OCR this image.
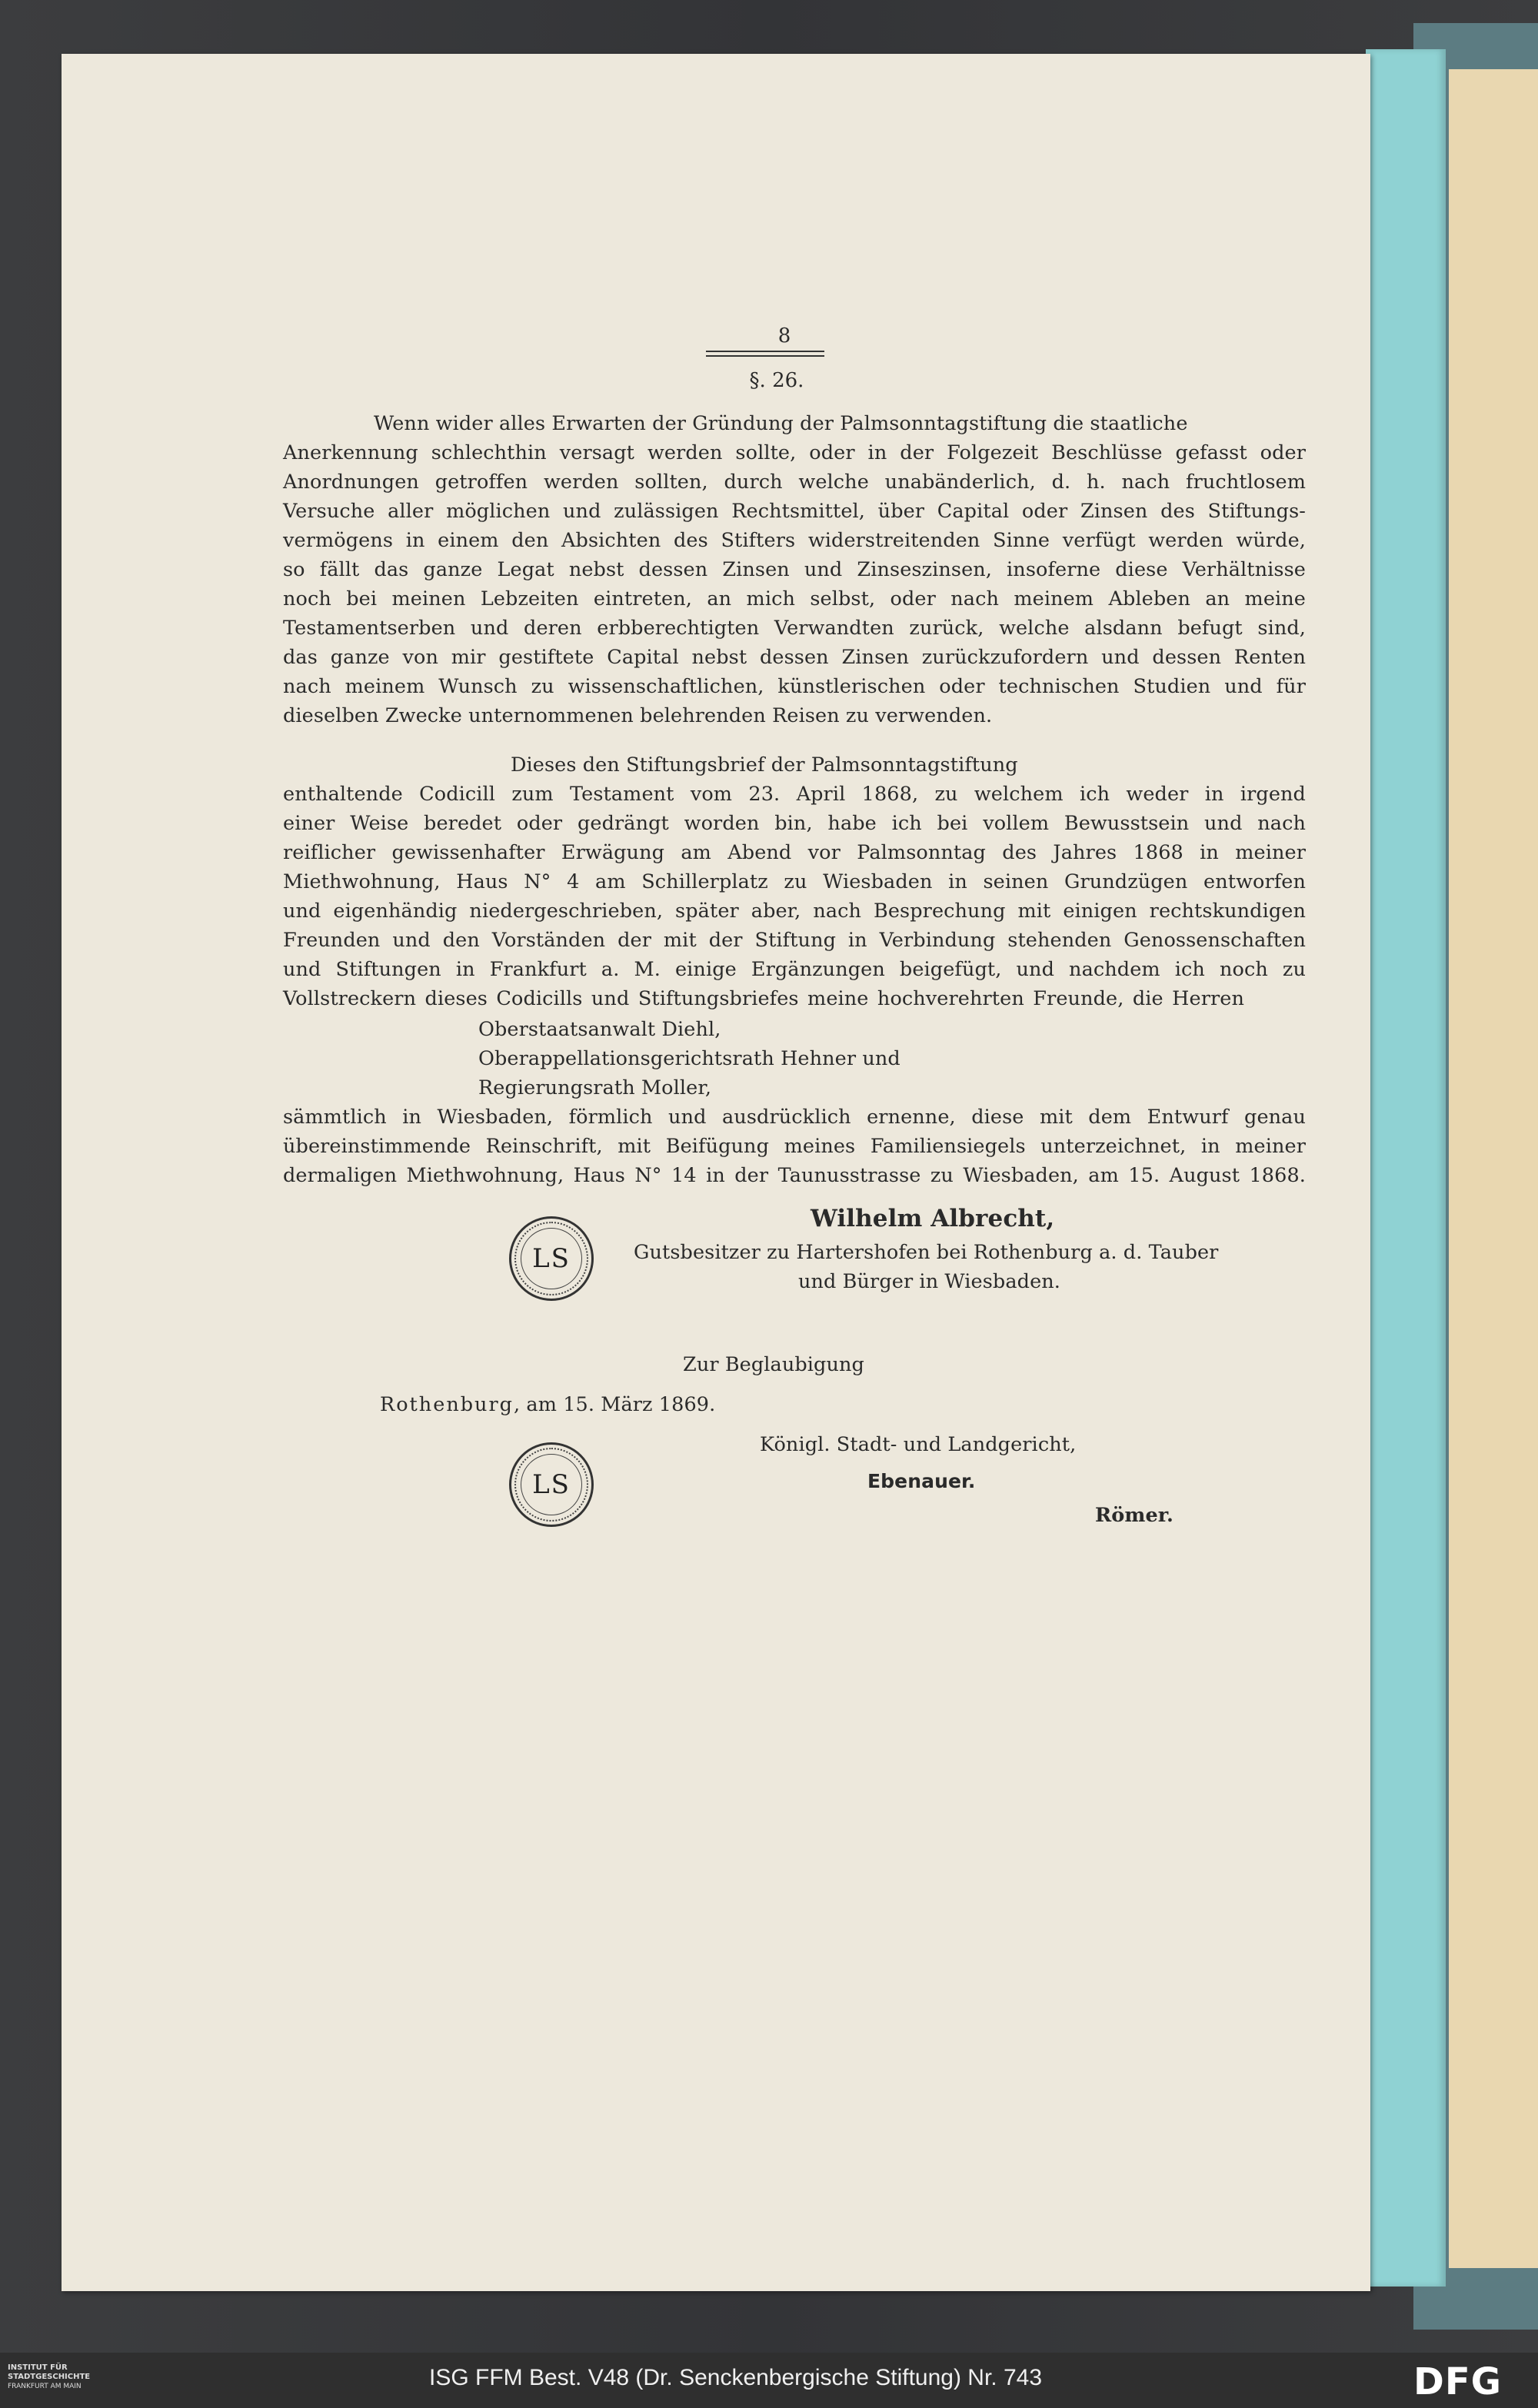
8
§. 26.
Wenn wider alles Erwarten der Gründung der Palmsonntagstiftung die staatliche
Anerkennung schlechthin versagt werden sollte, oder in der Folgezeit Beschlüsse gefasst oder
Anordnungen getroffen werden sollten, durch welche unabänderlich, d. h. nach fruchtlosem
Versuche aller möglichen und zulässigen Rechtsmittel, über Capital oder Zinsen des Stiftungs-
vermögens in einem den Absichten des Stifters widerstreitenden Sinne verfügt werden würde,
so fällt das ganze Legat nebst dessen Zinsen und Zinseszinsen, insoferne diese Verhältnisse
noch bei meinen Lebzeiten eintreten, an mich selbst, oder nach meinem Ableben an meine
Testamentserben und deren erbberechtigten Verwandten zurück, welche alsdann befugt sind,
das ganze von mir gestiftete Capital nebst dessen Zinsen zurückzufordern und dessen Renten
nach meinem Wunsch zu wissenschaftlichen, künstlerischen oder technischen Studien und für
dieselben Zwecke unternommenen belehrenden Reisen zu verwenden.
Dieses den Stiftungsbrief der Palmsonntagstiftung
enthaltende Codicill zum Testament vom 23. April 1868, zu welchem ich weder in irgend
einer Weise beredet oder gedrängt worden bin, habe ich bei vollem Bewusstsein und nach
reiflicher gewissenhafter Erwägung am Abend vor Palmsonntag des Jahres 1868 in meiner
Miethwohnung, Haus N° 4 am Schillerplatz zu Wiesbaden in seinen Grundzügen entworfen
und eigenhändig niedergeschrieben, später aber, nach Besprechung mit einigen rechtskundigen
Freunden und den Vorständen der mit der Stiftung in Verbindung stehenden Genossenschaften
und Stiftungen in Frankfurt a. M. einige Ergänzungen beigefügt, und nachdem ich noch zu
Vollstreckern dieses Codicills und Stiftungsbriefes meine hochverehrten Freunde, die Herren
Oberstaatsanwalt Diehl,
Oberappellationsgerichtsrath Hehner und
Regierungsrath Moller,
sämmtlich in Wiesbaden, förmlich und ausdrücklich ernenne, diese mit dem Entwurf genau
übereinstimmende Reinschrift, mit Beifügung meines Familiensiegels unterzeichnet, in meiner
dermaligen Miethwohnung, Haus N° 14 in der Taunusstrasse zu Wiesbaden, am 15. August 1868.
LS
Wilhelm Albrecht,
Gutsbesitzer zu Hartershofen bei Rothenburg a. d. Tauber
und Bürger in Wiesbaden.
Zur Beglaubigung
Rothenburg, am 15. März 1869.
Königl. Stadt- und Landgericht,
LS	Ebenauer.
Römer.
INSTITUT FÜR
STADTGESCHICHTE
FRANKFURT AM MAIN	ISG FFM Best. V48 (Dr. Senckenbergische Stiftung) Nr. 743	DFG
